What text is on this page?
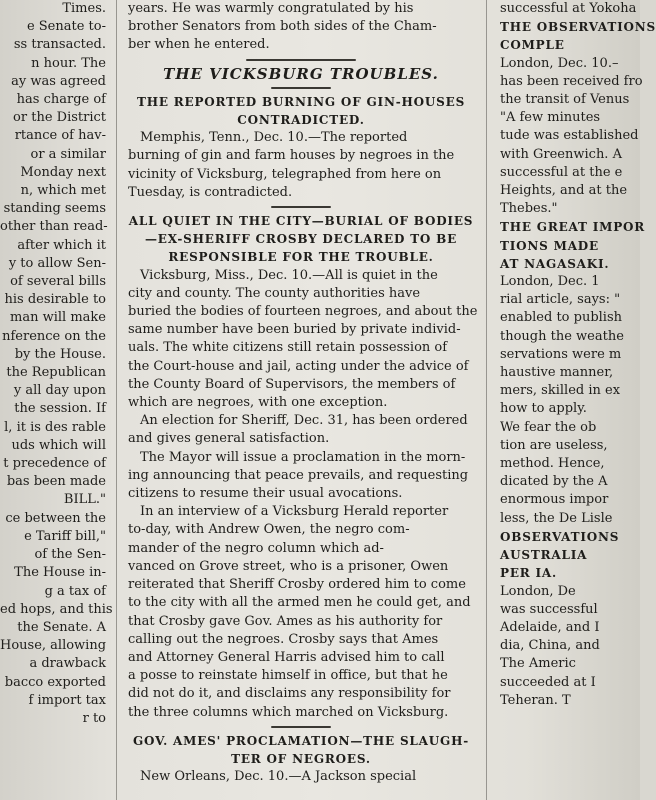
Times.
e Senate to-
ss transacted.
n hour. The
ay was agreed
has charge of
or the District
rtance of hav-
or a similar
Monday next
n, which met
standing seems
other than read-
after which it
y to allow Sen-
of several bills
his desirable to
man will make
nference on the
by the House.
the Republican
y all day upon
the session. If
l, it is des rable
uds which will
t precedence of
bas been made
BILL."
ce between the
e Tariff bill,"
of the Sen-
The House in-
g a tax of
ed hops, and this
the Senate. A
House, allowing
a drawback
bacco exported
f import tax
r to
years. He was warmly congratulated by his
brother Senators from both sides of the Cham-
ber when he entered.
THE VICKSBURG TROUBLES.
THE REPORTED BURNING OF GIN-HOUSES
CONTRADICTED.
Memphis, Tenn., Dec. 10.—The reported
burning of gin and farm houses by negroes in the
vicinity of Vicksburg, telegraphed from here on
Tuesday, is contradicted.
ALL QUIET IN THE CITY—BURIAL OF BODIES
—EX-SHERIFF CROSBY DECLARED TO BE
RESPONSIBLE FOR THE TROUBLE.
Vicksburg, Miss., Dec. 10.—All is quiet in the
city and county. The county authorities have
buried the bodies of fourteen negroes, and about the
same number have been buried by private individ-
uals. The white citizens still retain possession of
the Court-house and jail, acting under the advice of
the County Board of Supervisors, the members of
which are negroes, with one exception.
An election for Sheriff, Dec. 31, has been ordered
and gives general satisfaction.
The Mayor will issue a proclamation in the morn-
ing announcing that peace prevails, and requesting
citizens to resume their usual avocations.
In an interview of a Vicksburg Herald reporter
to-day, with Andrew Owen, the negro com-
mander of the negro column which ad-
vanced on Grove street, who is a prisoner, Owen
reiterated that Sheriff Crosby ordered him to come
to the city with all the armed men he could get, and
that Crosby gave Gov. Ames as his authority for
calling out the negroes. Crosby says that Ames
and Attorney General Harris advised him to call
a posse to reinstate himself in office, but that he
did not do it, and disclaims any responsibility for
the three columns which marched on Vicksburg.
GOV. AMES' PROCLAMATION—THE SLAUGH-
TER OF NEGROES.
New Orleans, Dec. 10.—A Jackson special
successful at Yokoha
THE OBSERVATIONS
COMPLE
London, Dec. 10.–
has been received fro
the transit of Venus
"A few minutes
tude was established
with Greenwich. A
successful at the e
Heights, and at the
Thebes."
THE GREAT IMPOR
TIONS MADE
AT NAGASAKI.
London, Dec. 1
rial article, says: "
enabled to publish
though the weathe
servations were m
haustive manner,
mers, skilled in ex
how to apply.
We fear the ob
tion are useless,
method. Hence,
dicated by the A
enormous impor
less, the De Lisle
OBSERVATIONS
AUSTRALIA
PER IA.
London, De
was successful
Adelaide, and I
dia, China, and
The Americ
succeeded at I
Teheran. T
